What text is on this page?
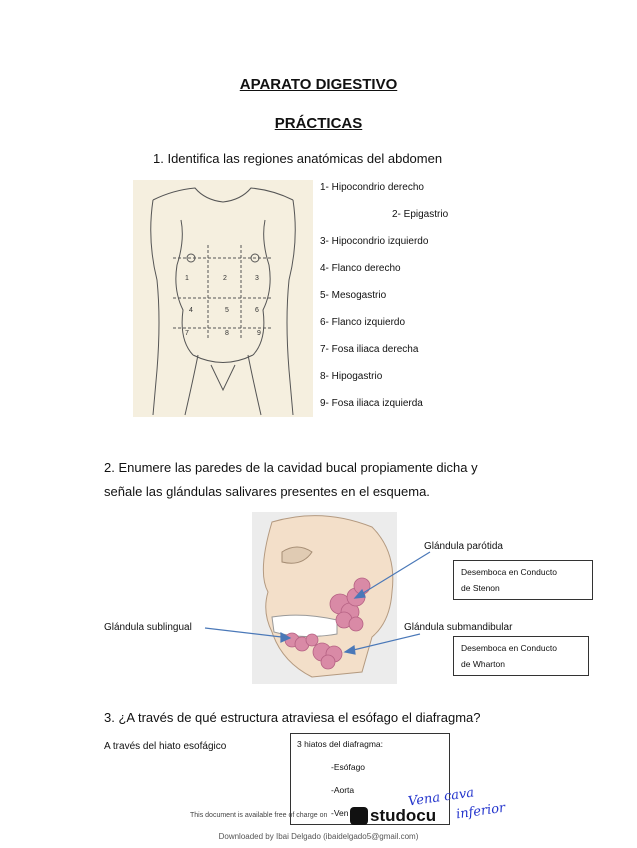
APARATO DIGESTIVO
PRÁCTICAS
1. Identifica las regiones anatómicas del abdomen
1	2	3
4	5	6
7	8	9
1- Hipocondrio derecho
2- Epigastrio
3- Hipocondrio izquierdo
4- Flanco derecho
5- Mesogastrio
6- Flanco izquierdo
7- Fosa iliaca derecha
8- Hipogastrio
9- Fosa iliaca izquierda
2. Enumere las paredes de la cavidad bucal propiamente dicha y
señale las glándulas salivares presentes en el esquema.
Glándula parótida
Glándula sublingual	Glándula submandibular
Desemboca en Conducto
de Stenon
Desemboca en Conducto
de Wharton
3. ¿A través de qué estructura atraviesa el esófago el diafragma?
A través del hiato esofágico	3 hiatos del diafragma:
-Esófago
-Aorta
-Ven
Vena cava
inferior
This document is available free of charge on	studocu
Downloaded by Ibai Delgado (ibaidelgado5@gmail.com)
